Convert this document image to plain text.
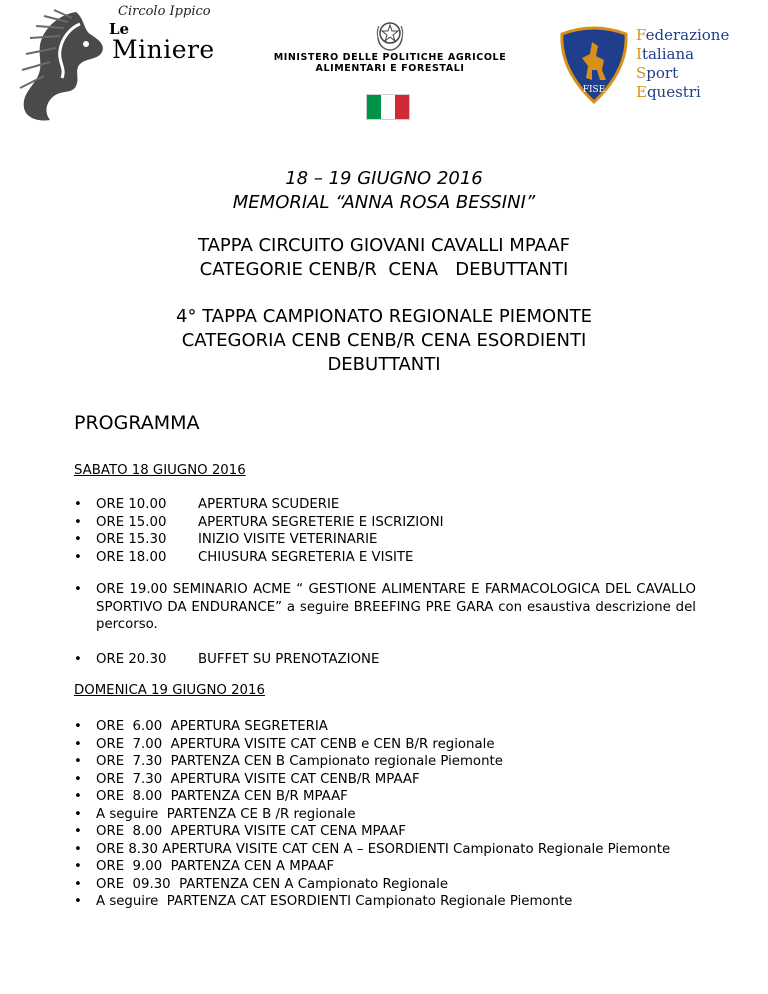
Circolo Ippico
Le
Miniere	MINISTERO DELLE POLITICHE AGRICOLE
ALIMENTARI E FORESTALI
FISE
Federazione
Italiana
Sport
Equestri
18 – 19 GIUGNO 2016
MEMORIAL “ANNA ROSA BESSINI”
TAPPA CIRCUITO GIOVANI CAVALLI MPAAF
CATEGORIE CENB/R  CENA   DEBUTTANTI
4° TAPPA CAMPIONATO REGIONALE PIEMONTE
CATEGORIA CENB CENB/R CENA ESORDIENTI
DEBUTTANTI
PROGRAMMA
SABATO 18 GIUGNO 2016
• ORE 10.00 APERTURA SCUDERIE
• ORE 15.00 APERTURA SEGRETERIE E ISCRIZIONI
• ORE 15.30 INIZIO VISITE VETERINARIE
• ORE 18.00 CHIUSURA SEGRETERIA E VISITE
• ORE 19.00 SEMINARIO ACME “ GESTIONE ALIMENTARE E FARMACOLOGICA DEL CAVALLO SPORTIVO DA ENDURANCE” a seguire BREEFING PRE GARA con esaustiva descrizione del percorso.
• ORE 20.30 BUFFET SU PRENOTAZIONE
DOMENICA 19 GIUGNO 2016
• ORE  6.00  APERTURA SEGRETERIA
• ORE  7.00  APERTURA VISITE CAT CENB e CEN B/R regionale
• ORE  7.30  PARTENZA CEN B Campionato regionale Piemonte
• ORE  7.30  APERTURA VISITE CAT CENB/R MPAAF
• ORE  8.00  PARTENZA CEN B/R MPAAF
• A seguire  PARTENZA CE B /R regionale
• ORE  8.00  APERTURA VISITE CAT CENA MPAAF
• ORE 8.30 APERTURA VISITE CAT CEN A – ESORDIENTI Campionato Regionale Piemonte
• ORE  9.00  PARTENZA CEN A MPAAF
• ORE  09.30  PARTENZA CEN A Campionato Regionale
• A seguire  PARTENZA CAT ESORDIENTI Campionato Regionale Piemonte
